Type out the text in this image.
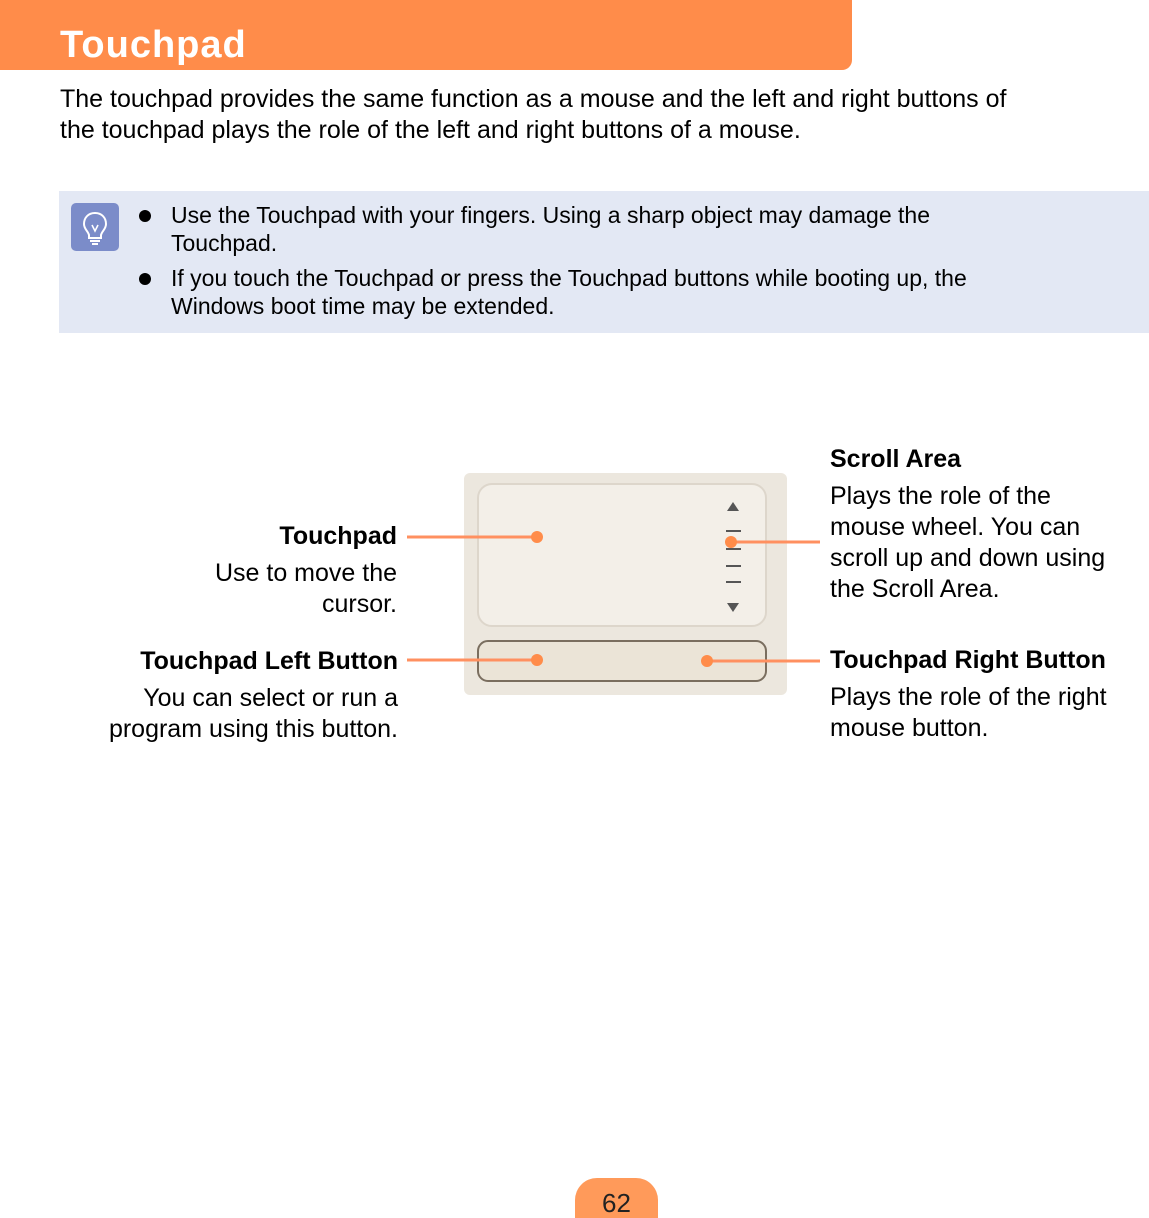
Touchpad

The touchpad provides the same function as a mouse and the left and right buttons of
the touchpad plays the role of the left and right buttons of a mouse.

Use the Touchpad with your fingers. Using a sharp object may damage the
Touchpad.
If you touch the Touchpad or press the Touchpad buttons while booting up, the
Windows boot time may be extended.
Touchpad
Use to move the
cursor.
Touchpad Left Button
You can select or run a
program using this button.
Scroll Area
Plays the role of the
mouse wheel. You can
scroll up and down using
the Scroll Area.
Touchpad Right Button
Plays the role of the right
mouse button.
62
